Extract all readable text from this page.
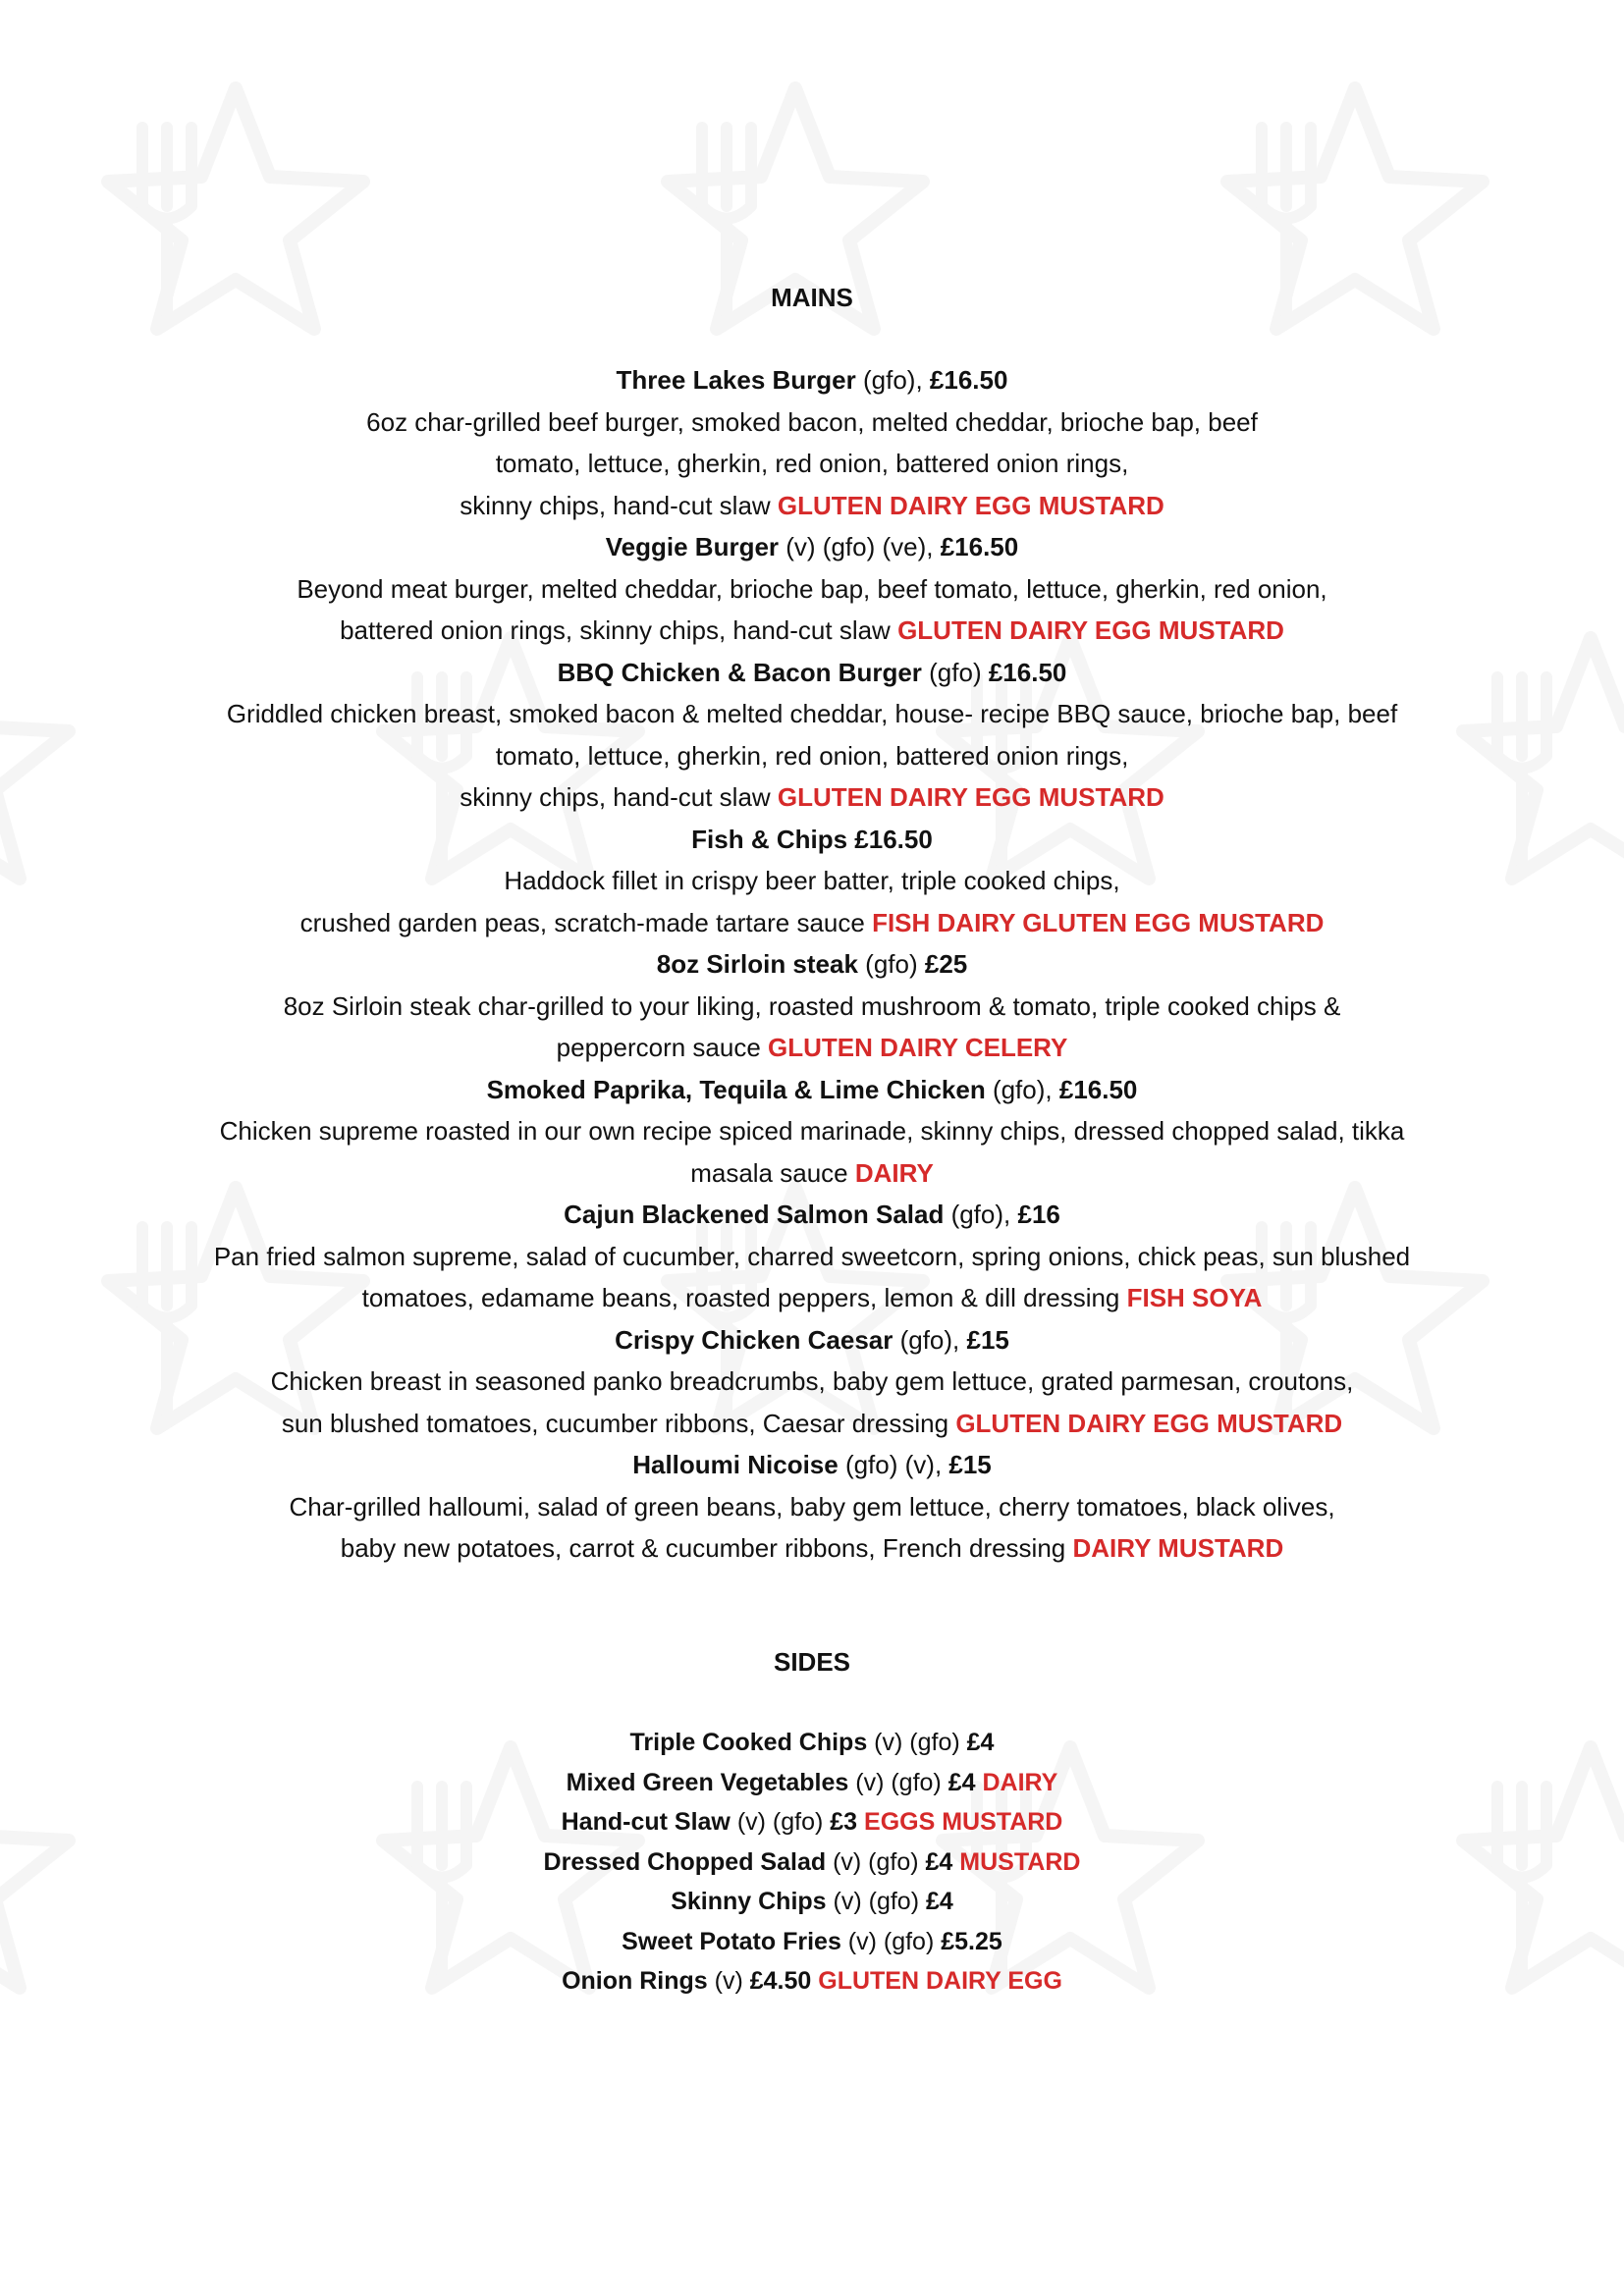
MAINS
Three Lakes Burger (gfo), £16.50
6oz char-grilled beef burger, smoked bacon, melted cheddar, brioche bap, beef
tomato, lettuce, gherkin, red onion, battered onion rings,
skinny chips, hand-cut slaw GLUTEN DAIRY EGG MUSTARD
Veggie Burger (v) (gfo) (ve), £16.50
Beyond meat burger, melted cheddar, brioche bap, beef tomato, lettuce, gherkin, red onion,
battered onion rings, skinny chips, hand-cut slaw GLUTEN DAIRY EGG MUSTARD
BBQ Chicken & Bacon Burger (gfo) £16.50
Griddled chicken breast, smoked bacon & melted cheddar, house- recipe BBQ sauce, brioche bap, beef
tomato, lettuce, gherkin, red onion, battered onion rings,
skinny chips, hand-cut slaw GLUTEN DAIRY EGG MUSTARD
Fish & Chips £16.50
Haddock fillet in crispy beer batter, triple cooked chips,
crushed garden peas, scratch-made tartare sauce FISH DAIRY GLUTEN EGG MUSTARD
8oz Sirloin steak (gfo) £25
8oz Sirloin steak char-grilled to your liking, roasted mushroom & tomato, triple cooked chips &
peppercorn sauce GLUTEN DAIRY CELERY
Smoked Paprika, Tequila & Lime Chicken (gfo), £16.50
Chicken supreme roasted in our own recipe spiced marinade, skinny chips, dressed chopped salad, tikka
masala sauce DAIRY
Cajun Blackened Salmon Salad (gfo), £16
Pan fried salmon supreme, salad of cucumber, charred sweetcorn, spring onions, chick peas, sun blushed
tomatoes, edamame beans, roasted peppers, lemon & dill dressing FISH SOYA
Crispy Chicken Caesar (gfo), £15
Chicken breast in seasoned panko breadcrumbs, baby gem lettuce, grated parmesan, croutons,
sun blushed tomatoes, cucumber ribbons, Caesar dressing GLUTEN DAIRY EGG MUSTARD
Halloumi Nicoise (gfo) (v), £15
Char-grilled halloumi, salad of green beans, baby gem lettuce, cherry tomatoes, black olives,
baby new potatoes, carrot & cucumber ribbons, French dressing DAIRY MUSTARD
SIDES
Triple Cooked Chips (v) (gfo) £4
Mixed Green Vegetables (v) (gfo) £4 DAIRY
Hand-cut Slaw (v) (gfo) £3 EGGS MUSTARD
Dressed Chopped Salad (v) (gfo) £4 MUSTARD
Skinny Chips (v) (gfo) £4
Sweet Potato Fries (v) (gfo) £5.25
Onion Rings (v) £4.50 GLUTEN DAIRY EGG
